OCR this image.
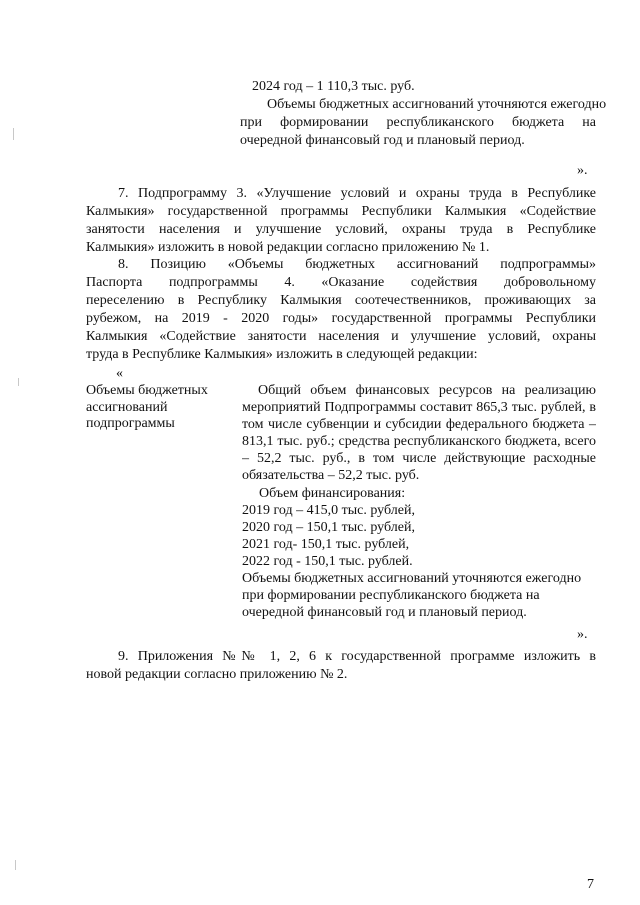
2024 год – 1 110,3 тыс. руб.
Объемы бюджетных ассигнований уточняются ежегодно
при формировании республиканского бюджета на
очередной финансовый год и плановый период.
».
7. Подпрограмму 3. «Улучшение условий и охраны труда в Республике
Калмыкия» государственной программы Республики Калмыкия «Содействие
занятости населения и улучшение условий, охраны труда в Республике
Калмыкия» изложить в новой редакции согласно приложению № 1.
8. Позицию «Объемы бюджетных ассигнований подпрограммы»
Паспорта подпрограммы 4. «Оказание содействия добровольному
переселению в Республику Калмыкия соотечественников, проживающих за
рубежом, на 2019 - 2020 годы» государственной программы Республики
Калмыкия «Содействие занятости населения и улучшение условий, охраны
труда в Республике Калмыкия» изложить в следующей редакции:
«
Объемы бюджетных
ассигнований
подпрограммы
Общий объем финансовых ресурсов на реализацию
мероприятий Подпрограммы составит 865,3 тыс. рублей, в
том числе субвенции и субсидии федерального бюджета –
813,1 тыс. руб.; средства республиканского бюджета, всего
– 52,2 тыс. руб., в том числе действующие расходные
обязательства – 52,2 тыс. руб.
Объем финансирования:
2019 год – 415,0 тыс. рублей,
2020 год – 150,1 тыс. рублей,
2021 год- 150,1 тыс. рублей,
2022 год - 150,1 тыс. рублей.
Объемы бюджетных ассигнований уточняются ежегодно
при формировании республиканского бюджета на
очередной финансовый год и плановый период.
».
9. Приложения №№ 1, 2, 6 к государственной программе изложить в
новой редакции согласно приложению № 2.
7
